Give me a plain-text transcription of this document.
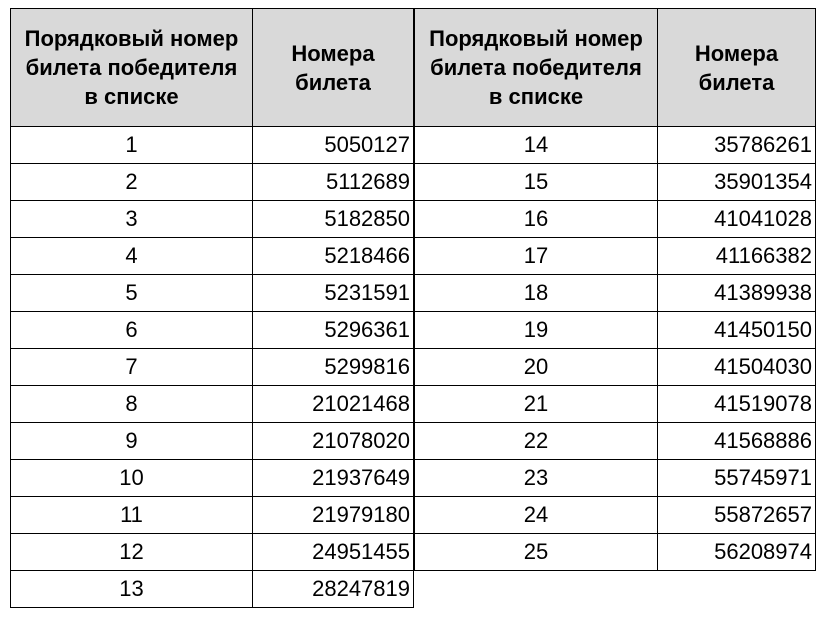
Порядковый номер билета победителя в списке	Номера билета

1	5050127
2	5112689
3	5182850
4	5218466
5	5231591
6	5296361
7	5299816
8	21021468
9	21078020
10	21937649
11	21979180
12	24951455
13	28247819
Порядковый номер билета победителя в списке	Номера билета

14	35786261
15	35901354
16	41041028
17	41166382
18	41389938
19	41450150
20	41504030
21	41519078
22	41568886
23	55745971
24	55872657
25	56208974
